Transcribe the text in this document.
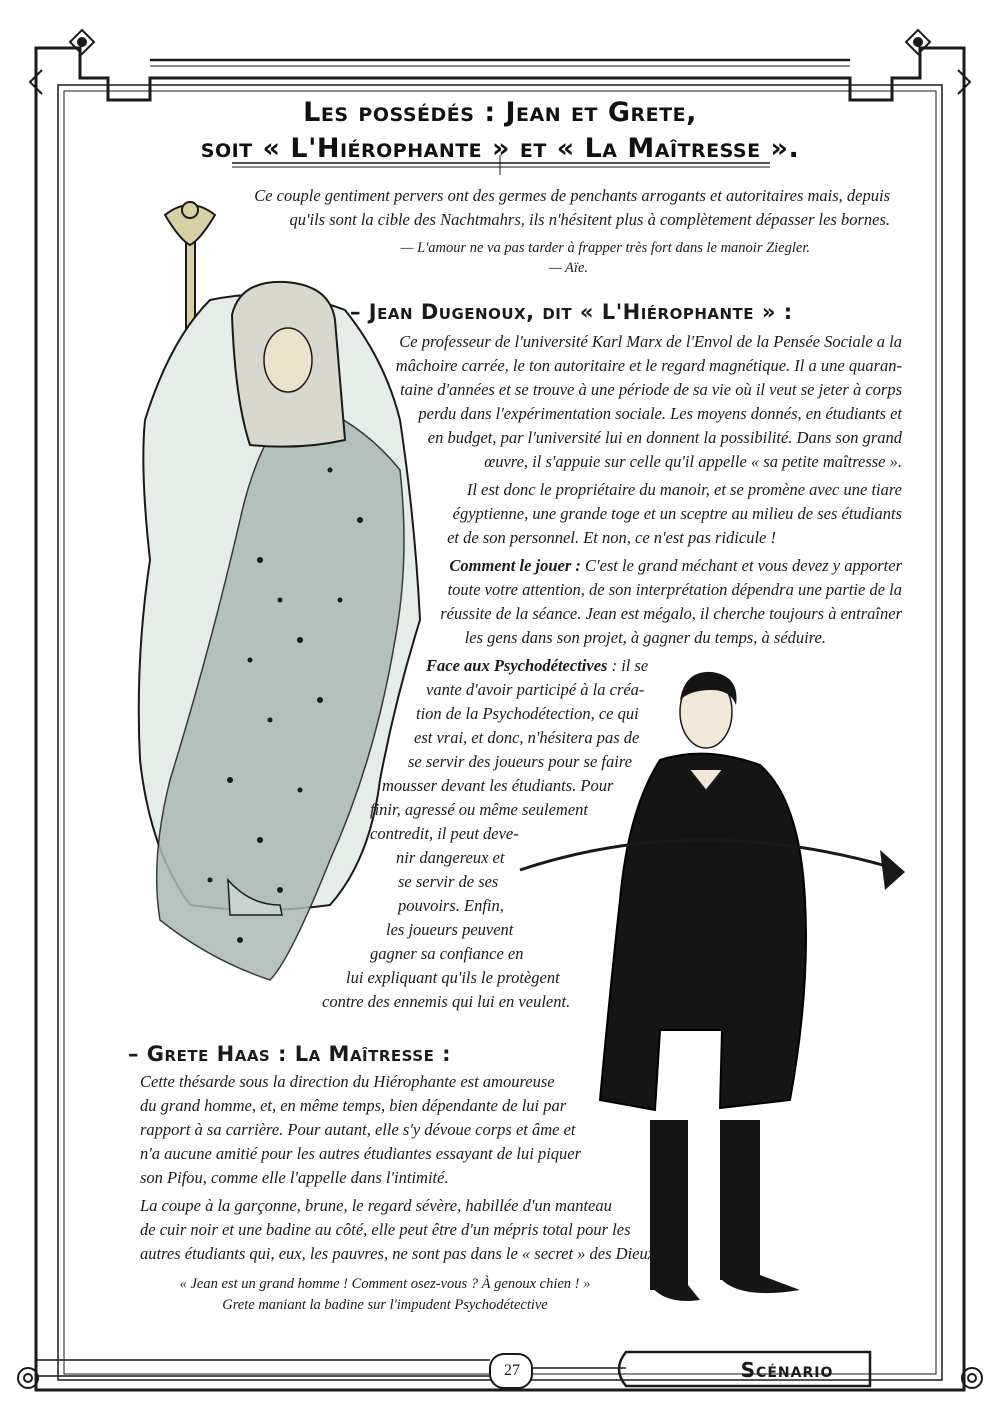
Les possédés : Jean et Grete,
soit « L'Hiérophante » et « La Maîtresse ».
Ce couple gentiment pervers ont des germes de penchants arrogants et autoritaires mais, depuis
qu'ils sont la cible des Nachtmahrs, ils n'hésitent plus à complètement dépasser les bornes.
— L'amour ne va pas tarder à frapper très fort dans le manoir Ziegler.
— Aïe.
– Jean Dugenoux, dit « L'Hiérophante » :
Ce professeur de l'université Karl Marx de l'Envol de la Pensée Sociale a la
mâchoire carrée, le ton autoritaire et le regard magnétique. Il a une quaran-
taine d'années et se trouve à une période de sa vie où il veut se jeter à corps
perdu dans l'expérimentation sociale. Les moyens donnés, en étudiants et
en budget, par l'université lui en donnent la possibilité. Dans son grand
œuvre, il s'appuie sur celle qu'il appelle « sa petite maîtresse ».
Il est donc le propriétaire du manoir, et se promène avec une tiare
égyptienne, une grande toge et un sceptre au milieu de ses étudiants
et de son personnel. Et non, ce n'est pas ridicule !
Comment le jouer : C'est le grand méchant et vous devez y apporter
toute votre attention, de son interprétation dépendra une partie de la
réussite de la séance. Jean est mégalo, il cherche toujours à entraîner
les gens dans son projet, à gagner du temps, à séduire.
Face aux Psychodétectives : il se
vante d'avoir participé à la créa-
tion de la Psychodétection, ce qui
est vrai, et donc, n'hésitera pas de
se servir des joueurs pour se faire
mousser devant les étudiants. Pour
finir, agressé ou même seulement
contredit, il peut deve-
nir dangereux et
se servir de ses
pouvoirs. Enfin,
les joueurs peuvent
gagner sa confiance en
lui expliquant qu'ils le protègent
contre des ennemis qui lui en veulent.
– Grete Haas : La Maîtresse :
Cette thésarde sous la direction du Hiérophante est amoureuse
du grand homme, et, en même temps, bien dépendante de lui par
rapport à sa carrière. Pour autant, elle s'y dévoue corps et âme et
n'a aucune amitié pour les autres étudiantes essayant de lui piquer
son Pifou, comme elle l'appelle dans l'intimité.
La coupe à la garçonne, brune, le regard sévère, habillée d'un manteau
de cuir noir et une badine au côté, elle peut être d'un mépris total pour les
autres étudiants qui, eux, les pauvres, ne sont pas dans le « secret » des Dieux.
« Jean est un grand homme ! Comment osez-vous ? À genoux chien ! »
Grete maniant la badine sur l'impudent Psychodétective
27	Scénario
